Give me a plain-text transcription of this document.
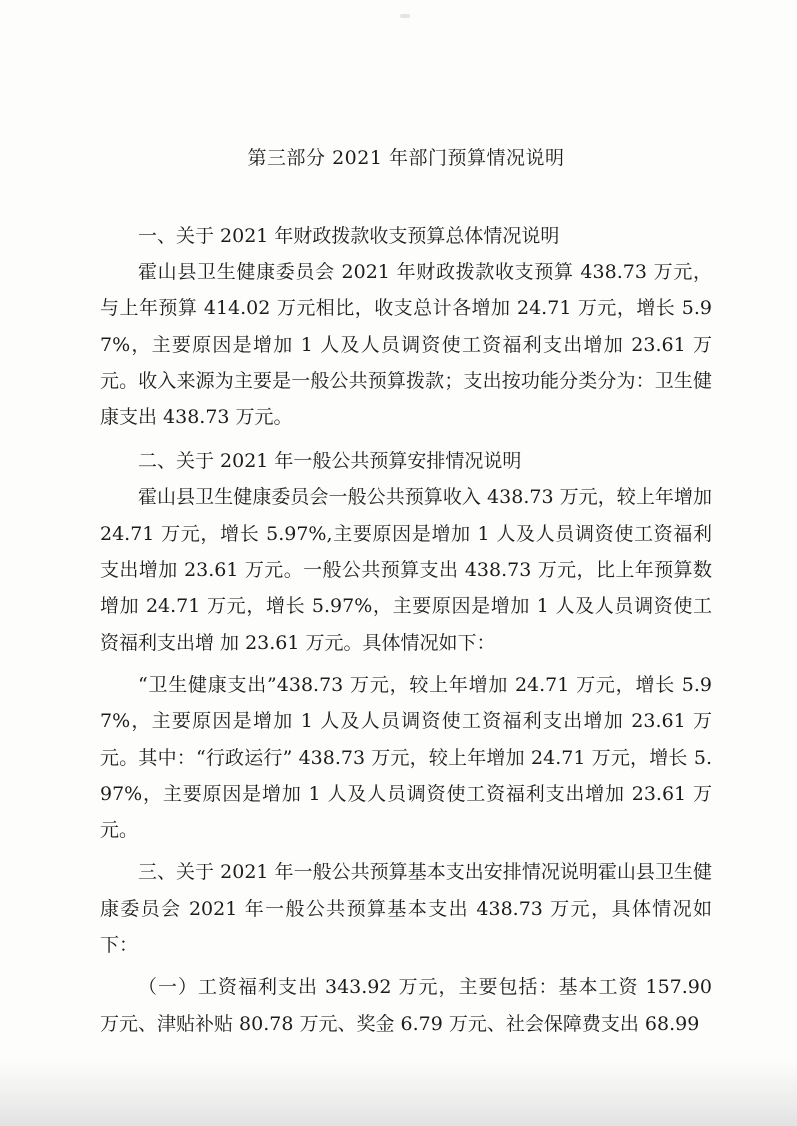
第三部分 2021 年部门预算情况说明

一、关于 2021 年财政拨款收支预算总体情况说明

霍山县卫生健康委员会 2021 年财政拨款收支预算 438.73 万元，与上年预算 414.02 万元相比，收支总计各增加 24.71 万元，增长 5.97%，主要原因是增加 1 人及人员调资使工资福利支出增加 23.61 万元。收入来源为主要是一般公共预算拨款；支出按功能分类分为：卫生健康支出 438.73 万元。

二、关于 2021 年一般公共预算安排情况说明

霍山县卫生健康委员会一般公共预算收入 438.73 万元，较上年增加 24.71 万元，增长 5.97%,主要原因是增加 1 人及人员调资使工资福利支出增加 23.61 万元。一般公共预算支出 438.73 万元，比上年预算数增加 24.71 万元，增长 5.97%，主要原因是增加 1 人及人员调资使工资福利支出增 加 23.61 万元。具体情况如下：

“卫生健康支出”438.73 万元，较上年增加 24.71 万元，增长 5.97%，主要原因是增加 1 人及人员调资使工资福利支出增加 23.61 万元。其中：“行政运行” 438.73 万元，较上年增加 24.71 万元，增长 5.97%，主要原因是增加 1 人及人员调资使工资福利支出增加 23.61 万元。

三、关于 2021 年一般公共预算基本支出安排情况说明霍山县卫生健康委员会 2021 年一般公共预算基本支出 438.73 万元，具体情况如下：

（一）工资福利支出 343.92 万元，主要包括：基本工资 157.90 万元、津贴补贴 80.78 万元、奖金 6.79 万元、社会保障费支出 68.99
